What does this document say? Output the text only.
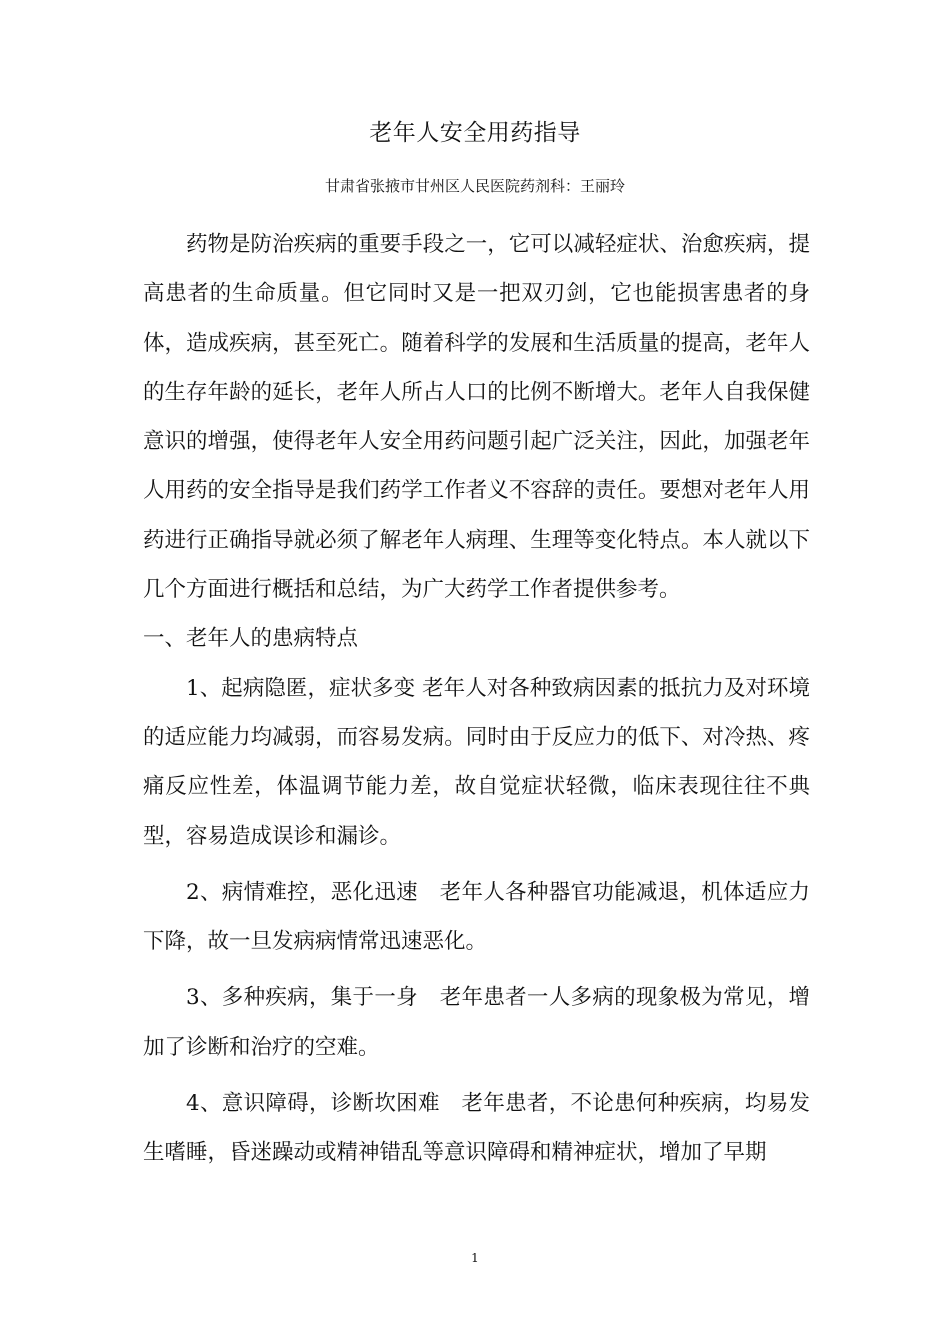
老年人安全用药指导
甘肃省张掖市甘州区人民医院药剂科：王丽玲

药物是防治疾病的重要手段之一，它可以减轻症状、治愈疾病，提高患者的生命质量。但它同时又是一把双刃剑，它也能损害患者的身体，造成疾病，甚至死亡。随着科学的发展和生活质量的提高，老年人的生存年龄的延长，老年人所占人口的比例不断增大。老年人自我保健意识的增强，使得老年人安全用药问题引起广泛关注，因此，加强老年人用药的安全指导是我们药学工作者义不容辞的责任。要想对老年人用药进行正确指导就必须了解老年人病理、生理等变化特点。本人就以下几个方面进行概括和总结，为广大药学工作者提供参考。

一、老年人的患病特点

1、起病隐匿，症状多变 老年人对各种致病因素的抵抗力及对环境的适应能力均减弱，而容易发病。同时由于反应力的低下、对冷热、疼痛反应性差，体温调节能力差，故自觉症状轻微，临床表现往往不典型，容易造成误诊和漏诊。

2、病情难控，恶化迅速　老年人各种器官功能减退，机体适应力下降，故一旦发病病情常迅速恶化。

3、多种疾病，集于一身　老年患者一人多病的现象极为常见，增加了诊断和治疗的空难。

4、意识障碍，诊断坎困难　老年患者，不论患何种疾病，均易发生嗜睡，昏迷躁动或精神错乱等意识障碍和精神症状，增加了早期

1
